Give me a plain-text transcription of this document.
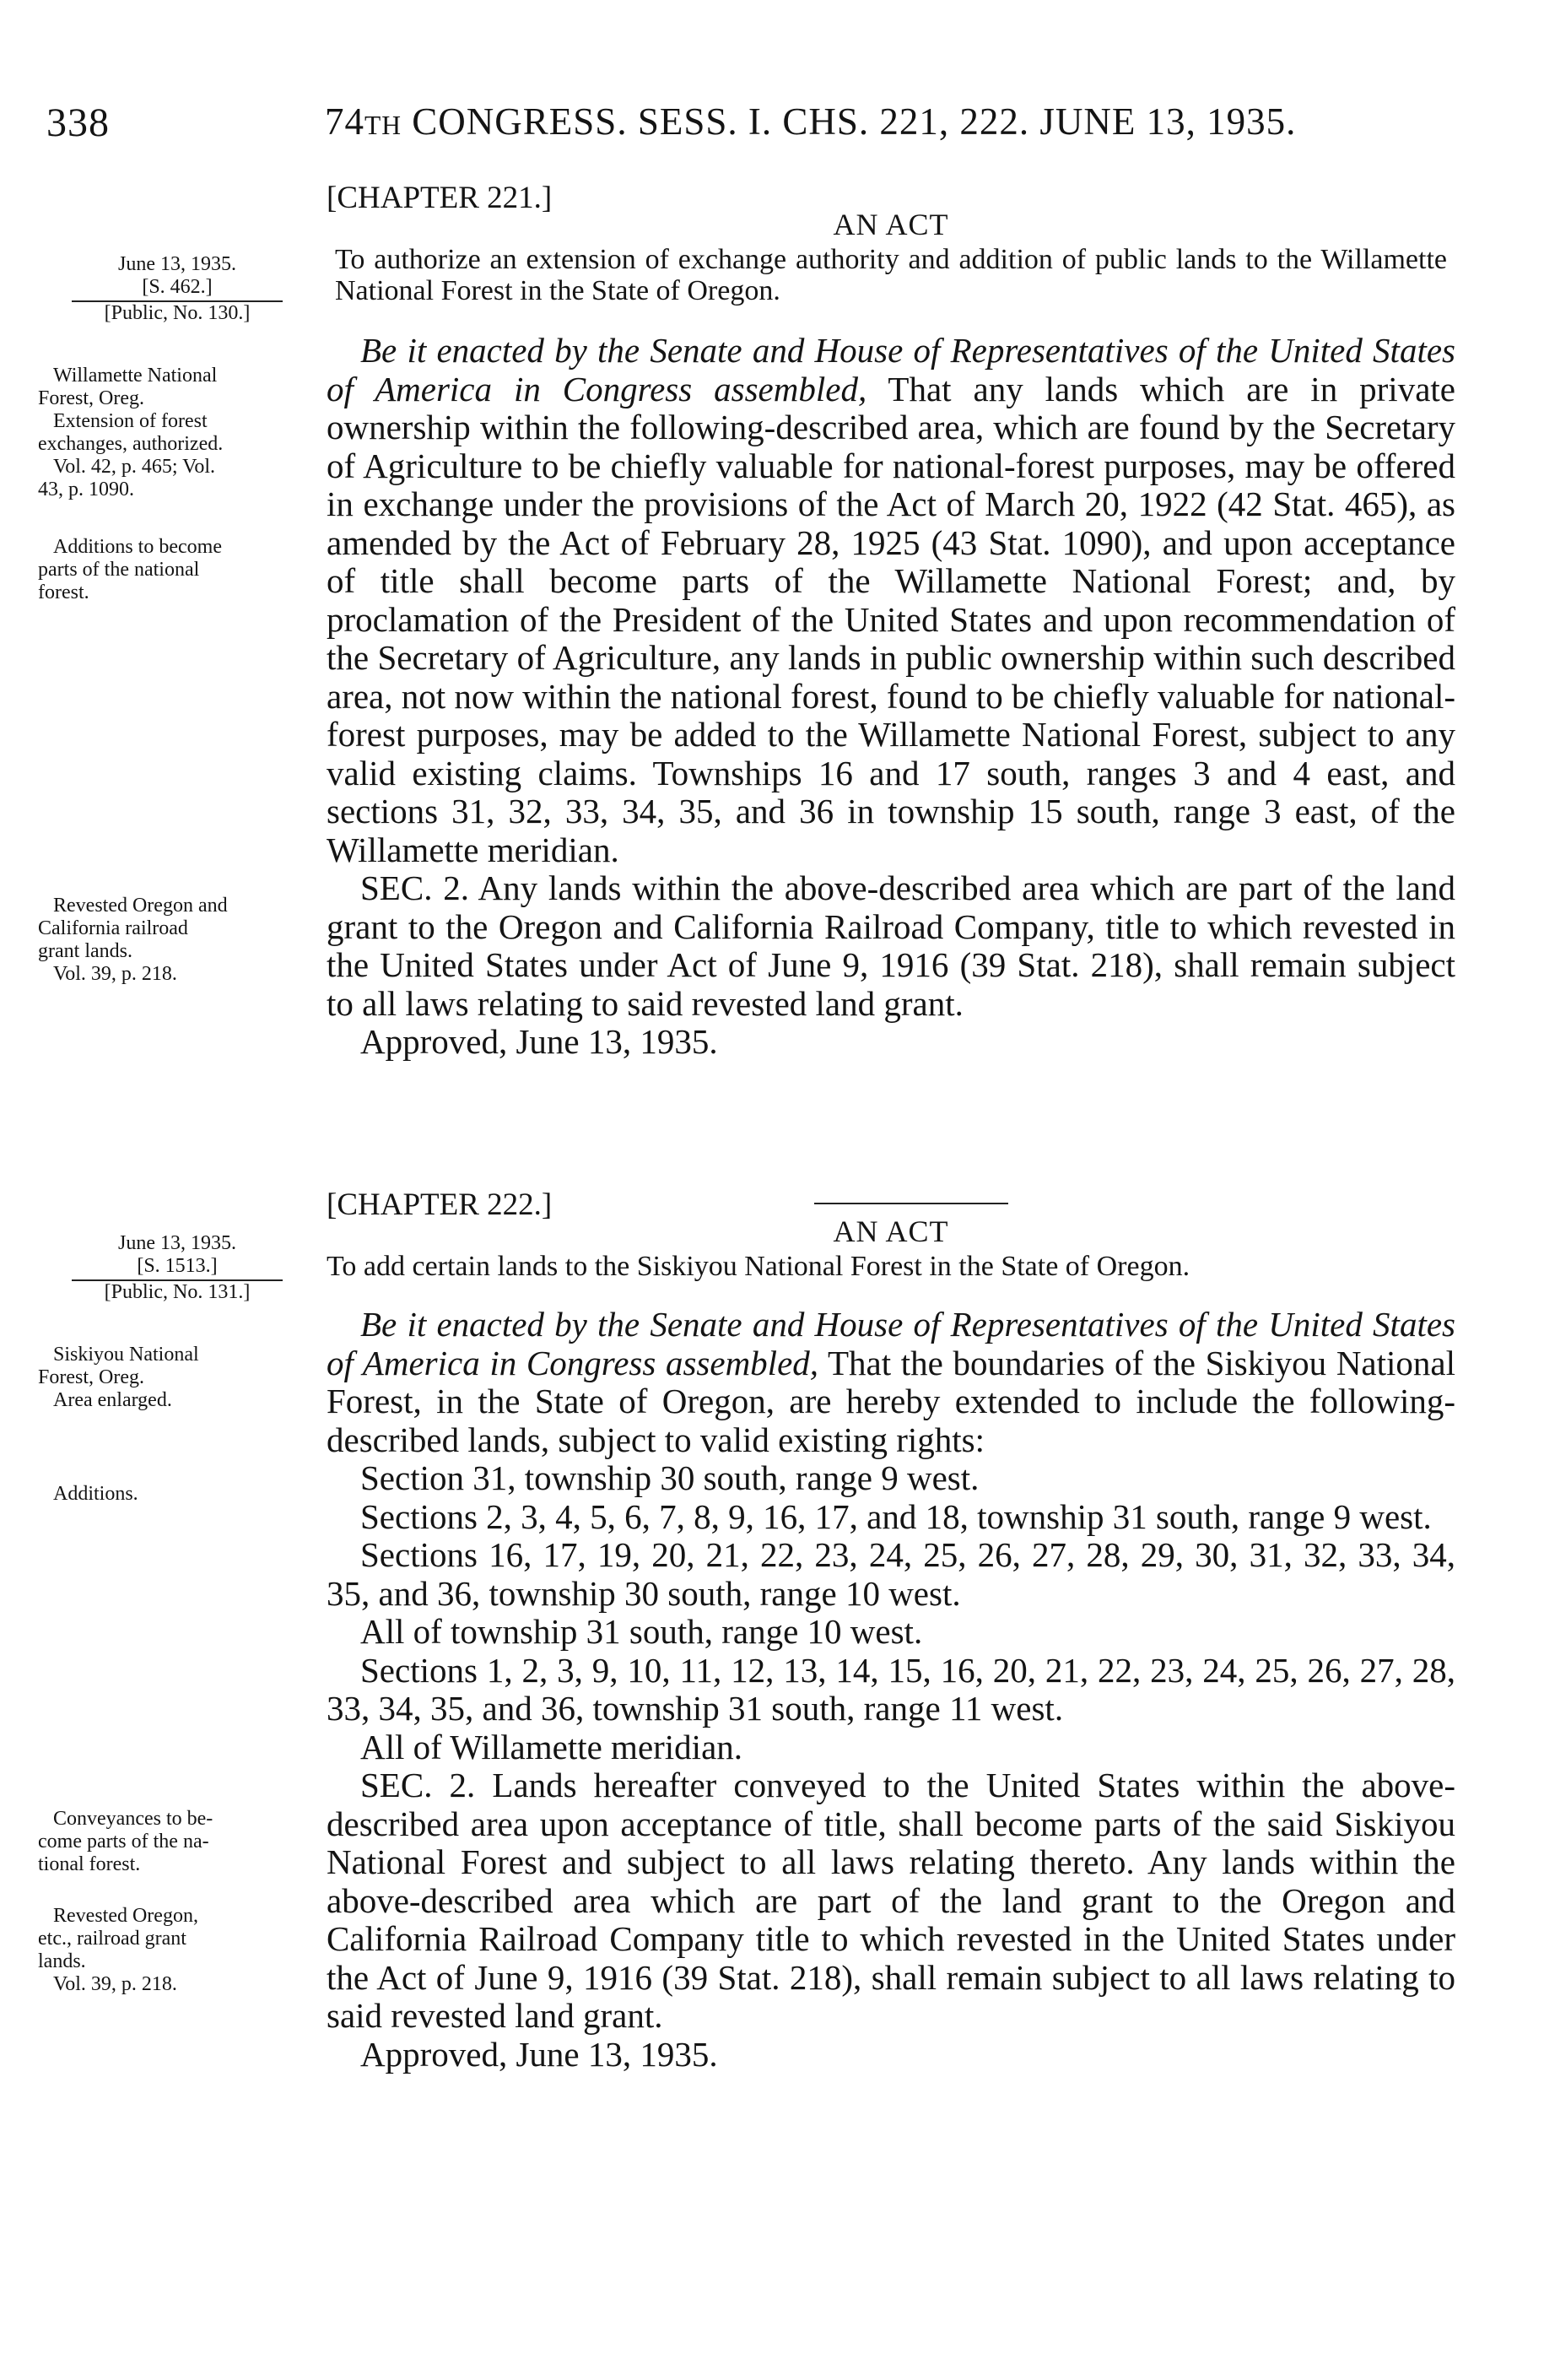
338	74TH CONGRESS. SESS. I. CHS. 221, 222. JUNE 13, 1935.
June 13, 1935.
[S. 462.]
[Public, No. 130.]
Willamette National
Forest, Oreg.
Extension of forest
exchanges, authorized.
Vol. 42, p. 465; Vol.
43, p. 1090.
Additions to become
parts of the national
forest.
Revested Oregon and
California railroad
grant lands.
Vol. 39, p. 218.
June 13, 1935.
[S. 1513.]
[Public, No. 131.]
Siskiyou National
Forest, Oreg.
Area enlarged.
Additions.
Conveyances to be-
come parts of the na-
tional forest.
Revested Oregon,
etc., railroad grant
lands.
Vol. 39, p. 218.
[CHAPTER 221.]
AN ACT

To authorize an extension of exchange authority and addition of public lands to the Willamette National Forest in the State of Oregon.

Be it enacted by the Senate and House of Representatives of the United States of America in Congress assembled, That any lands which are in private ownership within the following-described area, which are found by the Secretary of Agriculture to be chiefly valuable for national-forest purposes, may be offered in exchange under the provisions of the Act of March 20, 1922 (42 Stat. 465), as amended by the Act of February 28, 1925 (43 Stat. 1090), and upon acceptance of title shall become parts of the Willamette National Forest; and, by proclamation of the President of the United States and upon recommendation of the Secretary of Agriculture, any lands in public ownership within such described area, not now within the national forest, found to be chiefly valuable for national-forest purposes, may be added to the Willamette National Forest, subject to any valid existing claims. Townships 16 and 17 south, ranges 3 and 4 east, and sections 31, 32, 33, 34, 35, and 36 in township 15 south, range 3 east, of the Willamette meridian.

SEC. 2. Any lands within the above-described area which are part of the land grant to the Oregon and California Railroad Company, title to which revested in the United States under Act of June 9, 1916 (39 Stat. 218), shall remain subject to all laws relating to said revested land grant.

Approved, June 13, 1935.

[CHAPTER 222.]
AN ACT

To add certain lands to the Siskiyou National Forest in the State of Oregon.

Be it enacted by the Senate and House of Representatives of the United States of America in Congress assembled, That the boundaries of the Siskiyou National Forest, in the State of Oregon, are hereby extended to include the following-described lands, subject to valid existing rights:

Section 31, township 30 south, range 9 west.

Sections 2, 3, 4, 5, 6, 7, 8, 9, 16, 17, and 18, township 31 south, range 9 west.

Sections 16, 17, 19, 20, 21, 22, 23, 24, 25, 26, 27, 28, 29, 30, 31, 32, 33, 34, 35, and 36, township 30 south, range 10 west.

All of township 31 south, range 10 west.

Sections 1, 2, 3, 9, 10, 11, 12, 13, 14, 15, 16, 20, 21, 22, 23, 24, 25, 26, 27, 28, 33, 34, 35, and 36, township 31 south, range 11 west.

All of Willamette meridian.

SEC. 2. Lands hereafter conveyed to the United States within the above-described area upon acceptance of title, shall become parts of the said Siskiyou National Forest and subject to all laws relating thereto. Any lands within the above-described area which are part of the land grant to the Oregon and California Railroad Company title to which revested in the United States under the Act of June 9, 1916 (39 Stat. 218), shall remain subject to all laws relating to said revested land grant.

Approved, June 13, 1935.
